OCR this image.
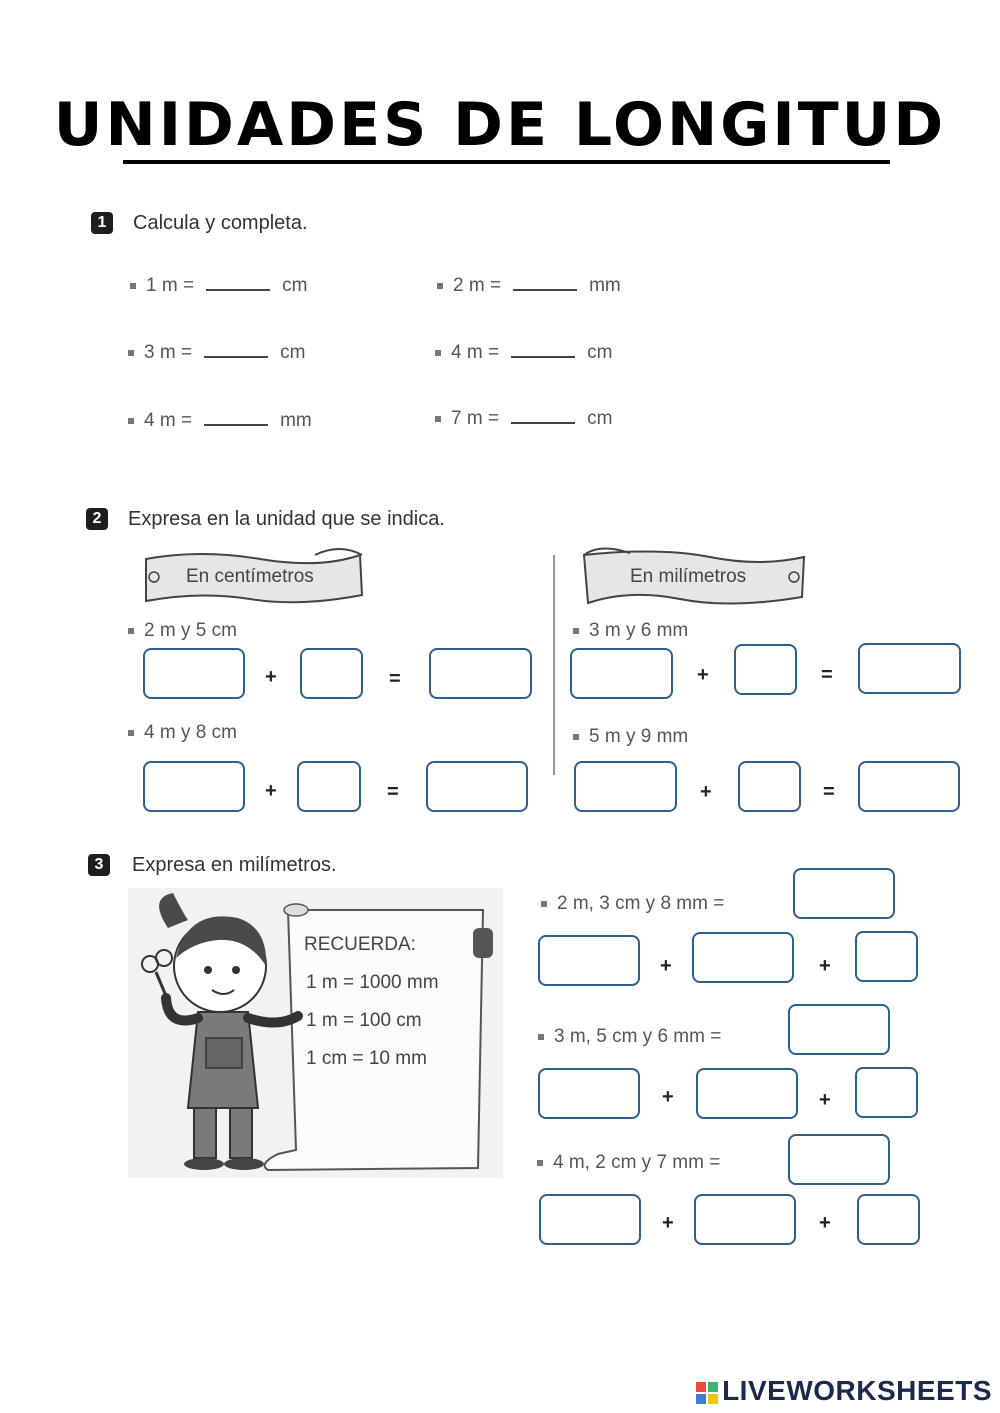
UNIDADES DE LONGITUD
1	Calcula y completa.
1 m =	cm	2 m =	mm
3 m =	cm	4 m =	cm
4 m =	mm	7 m =	cm
2	Expresa en la unidad que se indica.
En centímetros	En milímetros
2 m y 5 cm
+	=
4 m y 8 cm
+	=
3 m y 6 mm
+	=
5 m y 9 mm
+	=
3	Expresa en milímetros.
RECUERDA:
1 m = 1000 mm
1 m = 100 cm
1 cm = 10 mm
2 m, 3 cm y 8 mm =
+	+
3 m, 5 cm y 6 mm =
+	+
4 m, 2 cm y 7 mm =
+	+
LIVEWORKSHEETS
